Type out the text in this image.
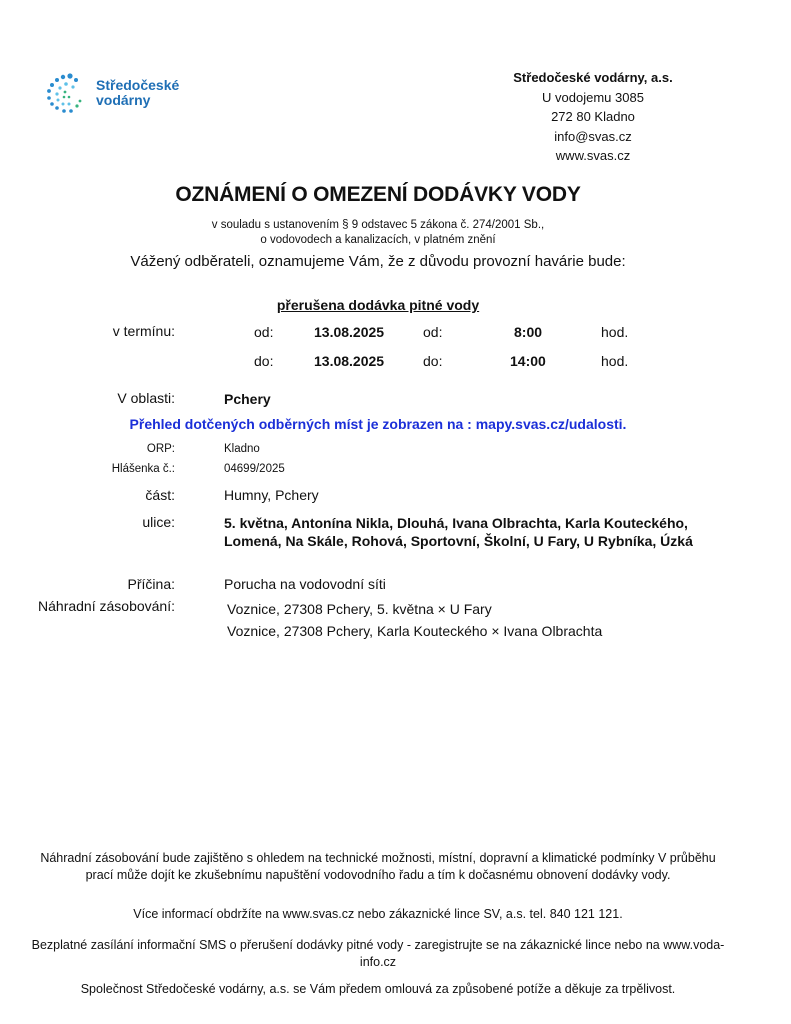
Středočeské
vodárny
Středočeské vodárny, a.s.
U vodojemu 3085
272 80 Kladno
info@svas.cz
www.svas.cz
OZNÁMENÍ O OMEZENÍ DODÁVKY VODY
v souladu s ustanovením § 9 odstavec 5 zákona č. 274/2001 Sb.,
o vodovodech a kanalizacích, v platném znění
Vážený odběrateli, oznamujeme Vám, že z důvodu provozní havárie bude:
přerušena dodávka pitné vody
v termínu:	od:	13.08.2025	od:	8:00	hod.
do:	13.08.2025	do:	14:00	hod.
V oblasti:	Pchery
Přehled dotčených odběrných míst je zobrazen na : mapy.svas.cz/udalosti.
ORP:	Kladno
Hlášenka č.:	04699/2025
část:	Humny, Pchery
ulice:	5. května, Antonína Nikla, Dlouhá, Ivana Olbrachta, Karla Koutеckého, Lomená, Na Skále, Rohová, Sportovní, Školní, U Fary, U Rybníka, Úzká
Příčina:	Porucha na vodovodní síti
Náhradní zásobování:	Voznice, 27308 Pchery, 5. května × U Fary
Voznice, 27308 Pchery, Karla Kouteckého × Ivana Olbrachta

Náhradní zásobování bude zajištěno s ohledem na technické možnosti, místní, dopravní a klimatické podmínky V průběhu prací může dojít ke zkušebnímu napuštění vodovodního řadu a tím k dočasnému obnovení dodávky vody.

Více informací obdržíte na www.svas.cz nebo zákaznické lince SV, a.s. tel. 840 121 121.

Bezplatné zasílání informační SMS o přerušení dodávky pitné vody - zaregistrujte se na zákaznické lince nebo na www.voda-info.cz

Společnost Středočeské vodárny, a.s. se Vám předem omlouvá za způsobené potíže a děkuje za trpělivost.
